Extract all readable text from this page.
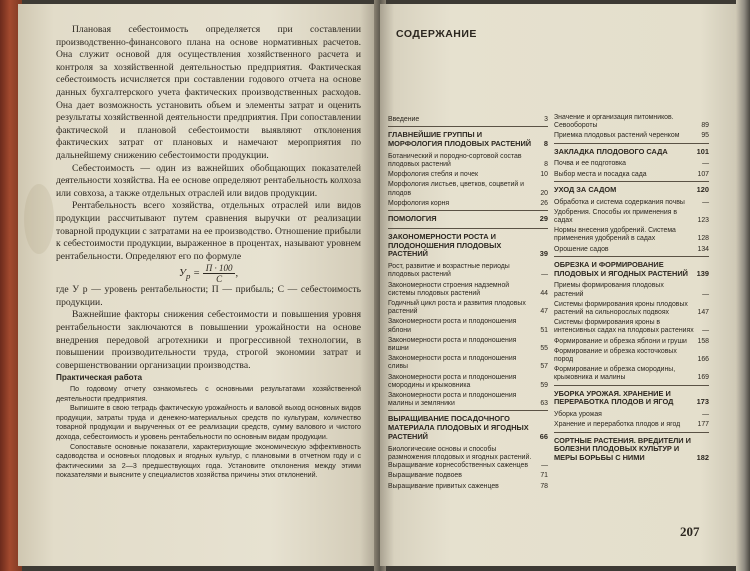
Плановая себестоимость определяется при составлении производственно-финансового плана на основе нормативных расчетов. Она служит основой для осуществления хозяйственного расчета и контроля за хозяйственной деятельностью предприятия. Фактическая себестоимость исчисляется при составлении годового отчета на основе данных бухгалтерского учета фактических производственных расходов. Она дает возможность установить объем и элементы затрат и оценить результаты хозяйственной деятельности предприятия. При сопоставлении фактической и плановой себестоимости выявляют отклонения фактических затрат от плановых и намечают мероприятия по дальнейшему снижению себестоимости продукции.

Себестоимость — один из важнейших обобщающих показателей деятельности хозяйства. На ее основе определяют рентабельность колхоза или совхоза, а также отдельных отраслей или видов продукции.

Рентабельность всего хозяйства, отдельных отраслей или видов продукции рассчитывают путем сравнения выручки от реализации товарной продукции с затратами на ее производство. Отношение прибыли к себестоимости продукции, выраженное в процентах, называют уровнем рентабельности. Определяют его по формуле

$У_р = \frac{П \cdot 100}{С}$,

где У р — уровень рентабельности; П — прибыль; С — себестоимость продукции.

Важнейшие факторы снижения себестоимости и повышения уровня рентабельности заключаются в повышении урожайности на основе внедрения передовой агротехники и прогрессивной технологии, в повышении производительности труда, строгой экономии затрат и совершенствовании организации производства.

Практическая работа

По годовому отчету ознакомьтесь с основными результатами хозяйственной деятельности предприятия.

Выпишите в свою тетрадь фактическую урожайность и валовой выход основных видов продукции, затраты труда и денежно-материальных средств по культурам, количество товарной продукции и вырученных от ее реализации средств, сумму валового и чистого дохода, себестоимость и уровень рентабельности по основным видам продукции.

Сопоставьте основные показатели, характеризующие экономическую эффективность садоводства и основных плодовых и ягодных культур, с плановыми в отчетном году и с фактическими за 2—3 предшествующих года. Установите отклонения между этими показателями и выясните у специалистов хозяйства причины этих отклонений.

СОДЕРЖАНИЕ
Введение	3
ГЛАВНЕЙШИЕ ГРУППЫ И МОРФОЛОГИЯ ПЛОДОВЫХ РАСТЕНИЙ 8
Ботанический и породно-сортовой состав плодовых растений	8
Морфология стебля и почек	10
Морфология листьев, цветков, соцветий и плодов	20
Морфология корня	26
ПОМОЛОГИЯ	29
ЗАКОНОМЕРНОСТИ РОСТА И ПЛОДОНОШЕНИЯ ПЛОДОВЫХ РАСТЕНИЙ	39
Рост, развитие и возрастные периоды плодовых растений	—
Закономерности строения надземной системы плодовых растений	44
Годичный цикл роста и развития плодовых растений	47
Закономерности роста и плодоношения яблони	51
Закономерности роста и плодоношения вишни	55
Закономерности роста и плодоношения сливы	57
Закономерности роста и плодоношения смородины и крыжовника	59
Закономерности роста и плодоношения малины и земляники	63
ВЫРАЩИВАНИЕ ПОСАДОЧНОГО МАТЕРИАЛА ПЛОДОВЫХ И ЯГОДНЫХ РАСТЕНИЙ	66
Биологические основы и способы размножения плодовых и ягодных растений. Выращивание корнесобственных саженцев —
Выращивание подвоев	71
Выращивание привитых саженцев	78
Значение и организация питомников. Севообороты	89
Приемка плодовых растений черенком	95
ЗАКЛАДКА ПЛОДОВОГО САДА	101
Почва и ее подготовка	—
Выбор места и посадка сада	107
УХОД ЗА САДОМ	120
Обработка и система содержания почвы	—
Удобрения. Способы их применения в садах	123
Нормы внесения удобрений. Система применения удобрений в садах	128
Орошение садов	134
ОБРЕЗКА И ФОРМИРОВАНИЕ ПЛОДОВЫХ И ЯГОДНЫХ РАСТЕНИЙ 139
Приемы формирования плодовых растений	—
Системы формирования кроны плодовых растений на сильнорослых подвоях	147
Системы формирования кроны в интенсивных садах на плодовых растениях —
Формирование и обрезка яблони и груши 158
Формирование и обрезка косточковых пород	166
Формирование и обрезка смородины, крыжовника и малины	169
УБОРКА УРОЖАЯ. ХРАНЕНИЕ И ПЕРЕРАБОТКА ПЛОДОВ И ЯГОД	173
Уборка урожая	—
Хранение и переработка плодов и ягод	177
СОРТНЫЕ РАСТЕНИЯ. ВРЕДИТЕЛИ И БОЛЕЗНИ ПЛОДОВЫХ КУЛЬТУР И МЕРЫ БОРЬБЫ С НИМИ	182
207
